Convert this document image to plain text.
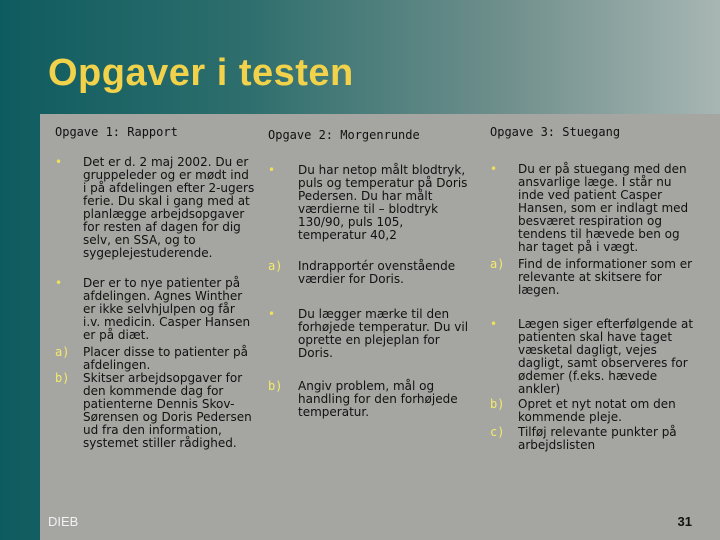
Opgaver i testen
Opgave 1: Rapport	Opgave 2: Morgenrunde	Opgave 3: Stuegang
•	Det er d. 2 maj 2002. Du er gruppeleder og er mødt ind i på afdelingen efter 2-ugers ferie. Du skal i gang med at planlægge arbejdsopgaver for resten af dagen for dig selv, en SSA, og to sygeplejestuderende.
•	Der er to nye patienter på afdelingen. Agnes Winther er ikke selvhjulpen og får i.v. medicin. Casper Hansen er på diæt.
a) Placer disse to patienter på afdelingen.
b) Skitser arbejdsopgaver for den kommende dag for patienterne Dennis Skov-Sørensen og Doris Pedersen ud fra den information, systemet stiller rådighed.
•	Du har netop målt blodtryk, puls og temperatur på Doris Pedersen. Du har målt værdierne til – blodtryk 130/90, puls 105, temperatur 40,2
a) Indrapportér ovenstående værdier for Doris.
•	Du lægger mærke til den forhøjede temperatur. Du vil oprette en plejeplan for Doris.
b) Angiv problem, mål og handling for den forhøjede temperatur.
•	Du er på stuegang med den ansvarlige læge. I står nu inde ved patient Casper Hansen, som er indlagt med besværet respiration og tendens til hævede ben og har taget på i vægt.
a) Find de informationer som er relevante at skitsere for lægen.
•	Lægen siger efterfølgende at patienten skal have taget væsketal dagligt, vejes dagligt, samt observeres for ødemer (f.eks. hævede ankler)
b) Opret et nyt notat om den kommende pleje.
c) Tilføj relevante punkter på arbejdslisten
DIEB	31
